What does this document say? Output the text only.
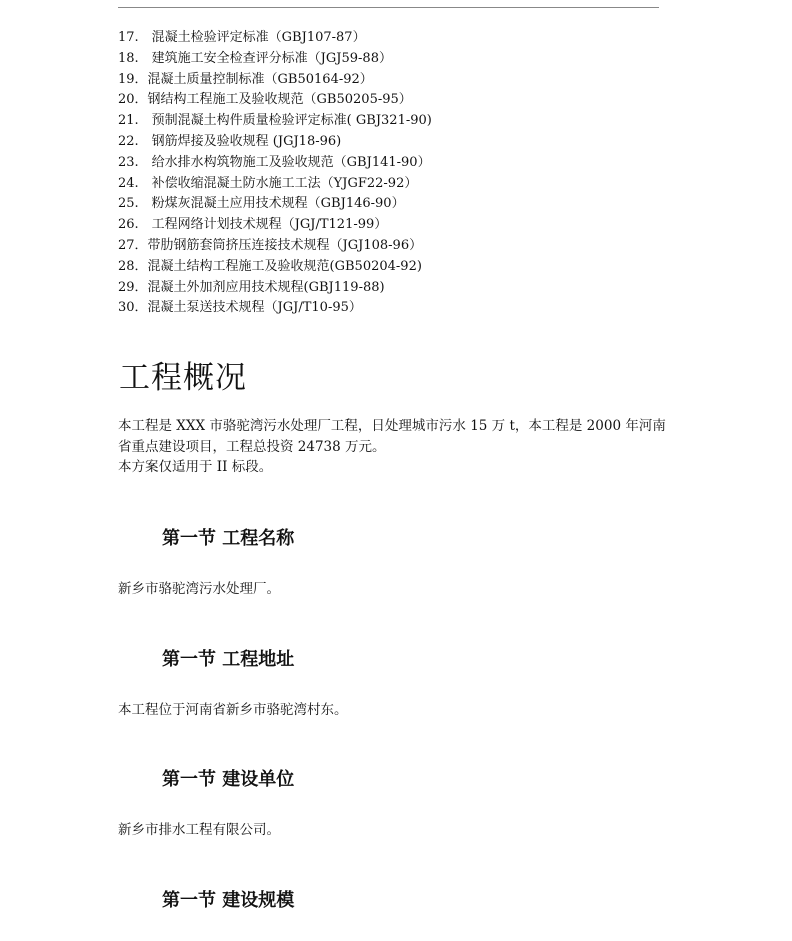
17.　混凝土检验评定标准（GBJ107-87）
18.　建筑施工安全检查评分标准（JGJ59-88）
19．混凝土质量控制标准（GB50164-92）
20．钢结构工程施工及验收规范（GB50205-95）
21.　预制混凝土构件质量检验评定标准( GBJ321-90)
22.　钢筋焊接及验收规程 (JGJ18-96)
23.　给水排水构筑物施工及验收规范（GBJ141-90）
24.　补偿收缩混凝土防水施工工法（YJGF22-92）
25.　粉煤灰混凝土应用技术规程（GBJ146-90）
26.　工程网络计划技术规程（JGJ/T121-99）
27．带肋钢筋套筒挤压连接技术规程（JGJ108-96）
28．混凝土结构工程施工及验收规范(GB50204-92)
29．混凝土外加剂应用技术规程(GBJ119-88)
30．混凝土泵送技术规程（JGJ/T10-95）
工程概况

本工程是 XXX 市骆驼湾污水处理厂工程，日处理城市污水 15 万 t，本工程是 2000 年河南
省重点建设项目，工程总投资 24738 万元。
本方案仅适用于 II 标段。

第一节 工程名称

新乡市骆驼湾污水处理厂。

第一节 工程地址

本工程位于河南省新乡市骆驼湾村东。

第一节 建设单位

新乡市排水工程有限公司。

第一节 建设规模
